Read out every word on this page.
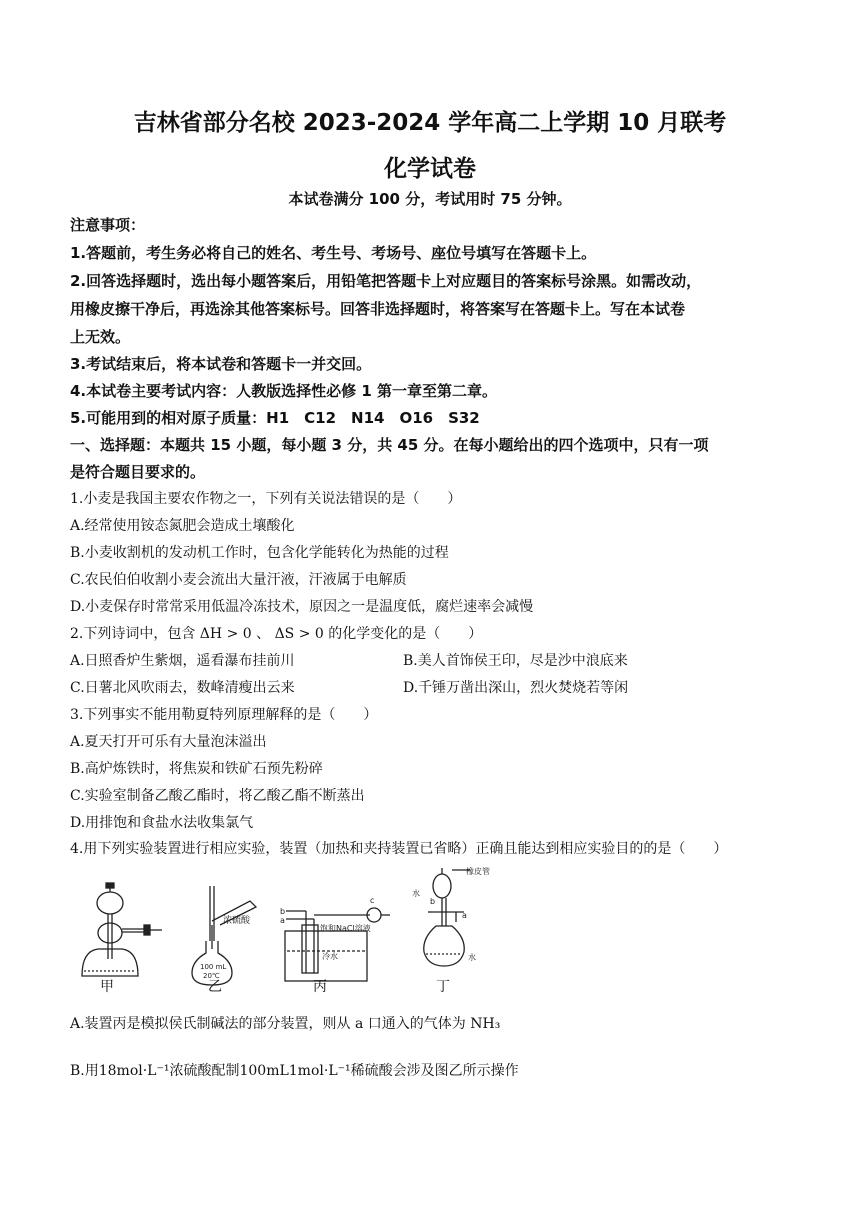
吉林省部分名校 2023-2024 学年高二上学期 10 月联考
化学试卷
本试卷满分 100 分，考试用时 75 分钟。
注意事项：
1.答题前，考生务必将自己的姓名、考生号、考场号、座位号填写在答题卡上。
2.回答选择题时，选出每小题答案后，用铅笔把答题卡上对应题目的答案标号涂黑。如需改动，
用橡皮擦干净后，再选涂其他答案标号。回答非选择题时，将答案写在答题卡上。写在本试卷
上无效。
3.考试结束后，将本试卷和答题卡一并交回。
4.本试卷主要考试内容：人教版选择性必修 1 第一章至第二章。
5.可能用到的相对原子质量：H1　C12　N14　O16　S32
一、选择题：本题共 15 小题，每小题 3 分，共 45 分。在每小题给出的四个选项中，只有一项
是符合题目要求的。
1.小麦是我国主要农作物之一，下列有关说法错误的是（　　）
A.经常使用铵态氮肥会造成土壤酸化
B.小麦收割机的发动机工作时，包含化学能转化为热能的过程
C.农民伯伯收割小麦会流出大量汗液，汗液属于电解质
D.小麦保存时常常采用低温冷冻技术，原因之一是温度低，腐烂速率会减慢
2.下列诗词中，包含 ΔH > 0 、 ΔS > 0 的化学变化的是（　　）
A.日照香炉生紫烟，遥看瀑布挂前川	B.美人首饰侯王印，尽是沙中浪底来
C.日薯北风吹雨去，数峰清瘦出云来	D.千锤万凿出深山，烈火焚烧若等闲
3.下列事实不能用勒夏特列原理解释的是（　　）
A.夏天打开可乐有大量泡沫溢出
B.高炉炼铁时，将焦炭和铁矿石预先粉碎
C.实验室制备乙酸乙酯时，将乙酸乙酯不断蒸出
D.用排饱和食盐水法收集氯气
4.用下列实验装置进行相应实验，装置（加热和夹持装置已省略）正确且能达到相应实验目的的是（　　）
浓硫酸
100 mL
20℃
b
c
a
饱和NaCl溶液
冷水
橡皮管
水
b
a
水
甲	乙	丙	丁
A.装置丙是模拟侯氏制碱法的部分装置，则从 a 口通入的气体为 NH₃
B.用18mol·L⁻¹浓硫酸配制100mL1mol·L⁻¹稀硫酸会涉及图乙所示操作
